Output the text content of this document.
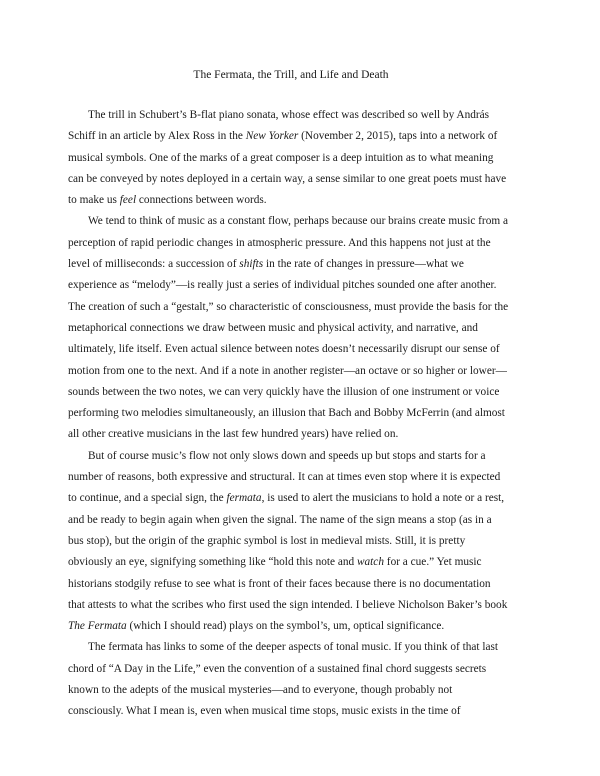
The Fermata, the Trill, and Life and Death

The trill in Schubert’s B-flat piano sonata, whose effect was described so well by András
Schiff in an article by Alex Ross in the New Yorker (November 2, 2015), taps into a network of
musical symbols. One of the marks of a great composer is a deep intuition as to what meaning
can be conveyed by notes deployed in a certain way, a sense similar to one great poets must have
to make us feel connections between words.

We tend to think of music as a constant flow, perhaps because our brains create music from a
perception of rapid periodic changes in atmospheric pressure. And this happens not just at the
level of milliseconds: a succession of shifts in the rate of changes in pressure—what we
experience as “melody”—is really just a series of individual pitches sounded one after another.
The creation of such a “gestalt,” so characteristic of consciousness, must provide the basis for the
metaphorical connections we draw between music and physical activity, and narrative, and
ultimately, life itself. Even actual silence between notes doesn’t necessarily disrupt our sense of
motion from one to the next. And if a note in another register—an octave or so higher or lower—
sounds between the two notes, we can very quickly have the illusion of one instrument or voice
performing two melodies simultaneously, an illusion that Bach and Bobby McFerrin (and almost
all other creative musicians in the last few hundred years) have relied on.

But of course music’s flow not only slows down and speeds up but stops and starts for a
number of reasons, both expressive and structural. It can at times even stop where it is expected
to continue, and a special sign, the fermata, is used to alert the musicians to hold a note or a rest,
and be ready to begin again when given the signal. The name of the sign means a stop (as in a
bus stop), but the origin of the graphic symbol is lost in medieval mists. Still, it is pretty
obviously an eye, signifying something like “hold this note and watch for a cue.” Yet music
historians stodgily refuse to see what is front of their faces because there is no documentation
that attests to what the scribes who first used the sign intended. I believe Nicholson Baker’s book
The Fermata (which I should read) plays on the symbol’s, um, optical significance.

The fermata has links to some of the deeper aspects of tonal music. If you think of that last
chord of “A Day in the Life,” even the convention of a sustained final chord suggests secrets
known to the adepts of the musical mysteries—and to everyone, though probably not
consciously. What I mean is, even when musical time stops, music exists in the time of
